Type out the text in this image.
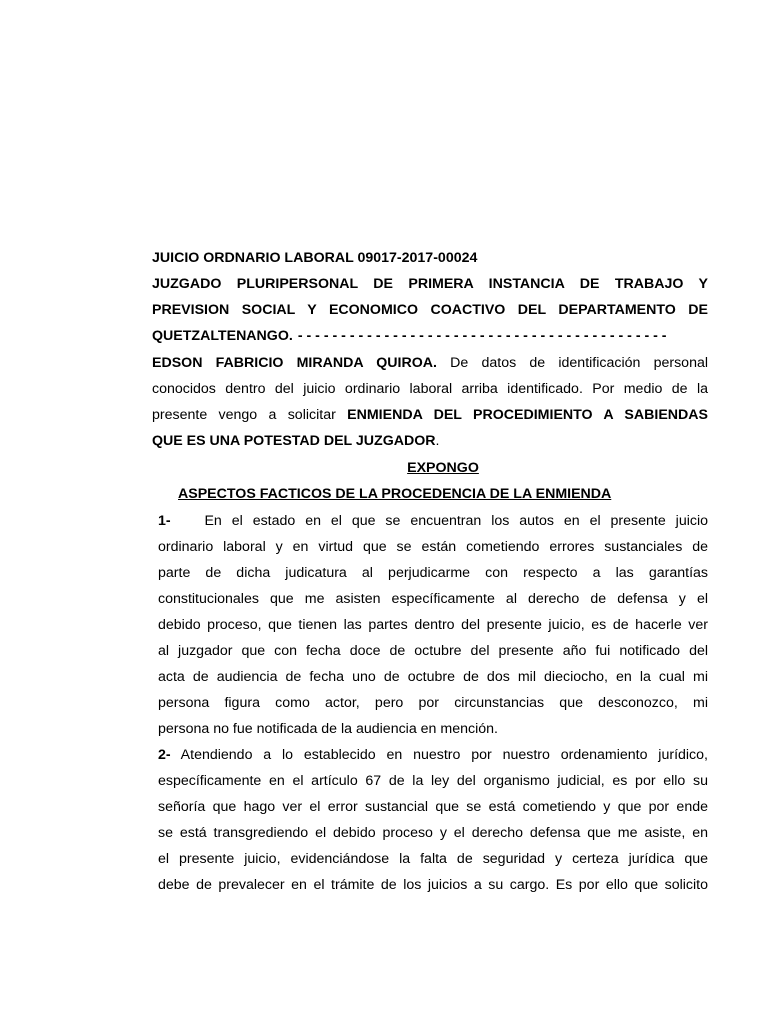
JUICIO ORDNARIO LABORAL 09017-2017-00024
JUZGADO PLURIPERSONAL DE PRIMERA INSTANCIA DE TRABAJO Y
PREVISION SOCIAL Y ECONOMICO COACTIVO DEL DEPARTAMENTO DE
QUETZALTENANGO. - - - - - - - - - - - - - - - - - - - - - - - - - - - - - - - - - - - - - - - - - - -
EDSON FABRICIO MIRANDA QUIROA. De datos de identificación personal
conocidos dentro del juicio ordinario laboral arriba identificado. Por medio de la
presente vengo a solicitar ENMIENDA DEL PROCEDIMIENTO A SABIENDAS
QUE ES UNA POTESTAD DEL JUZGADOR.
EXPONGO
ASPECTOS FACTICOS DE LA PROCEDENCIA DE LA ENMIENDA
1- En el estado en el que se encuentran los autos en el presente juicio
ordinario laboral y en virtud que se están cometiendo errores sustanciales de
parte de dicha judicatura al perjudicarme con respecto a las garantías
constitucionales que me asisten específicamente al derecho de defensa y el
debido proceso, que tienen las partes dentro del presente juicio, es de hacerle ver
al juzgador que con fecha doce de octubre del presente año fui notificado del
acta de audiencia de fecha uno de octubre de dos mil dieciocho, en la cual mi
persona figura como actor, pero por circunstancias que desconozco, mi
persona no fue notificada de la audiencia en mención.
2- Atendiendo a lo establecido en nuestro por nuestro ordenamiento jurídico,
específicamente en el artículo 67 de la ley del organismo judicial, es por ello su
señoría que hago ver el error sustancial que se está cometiendo y que por ende
se está transgrediendo el debido proceso y el derecho defensa que me asiste, en
el presente juicio, evidenciándose la falta de seguridad y certeza jurídica que
debe de prevalecer en el trámite de los juicios a su cargo. Es por ello que solicito
